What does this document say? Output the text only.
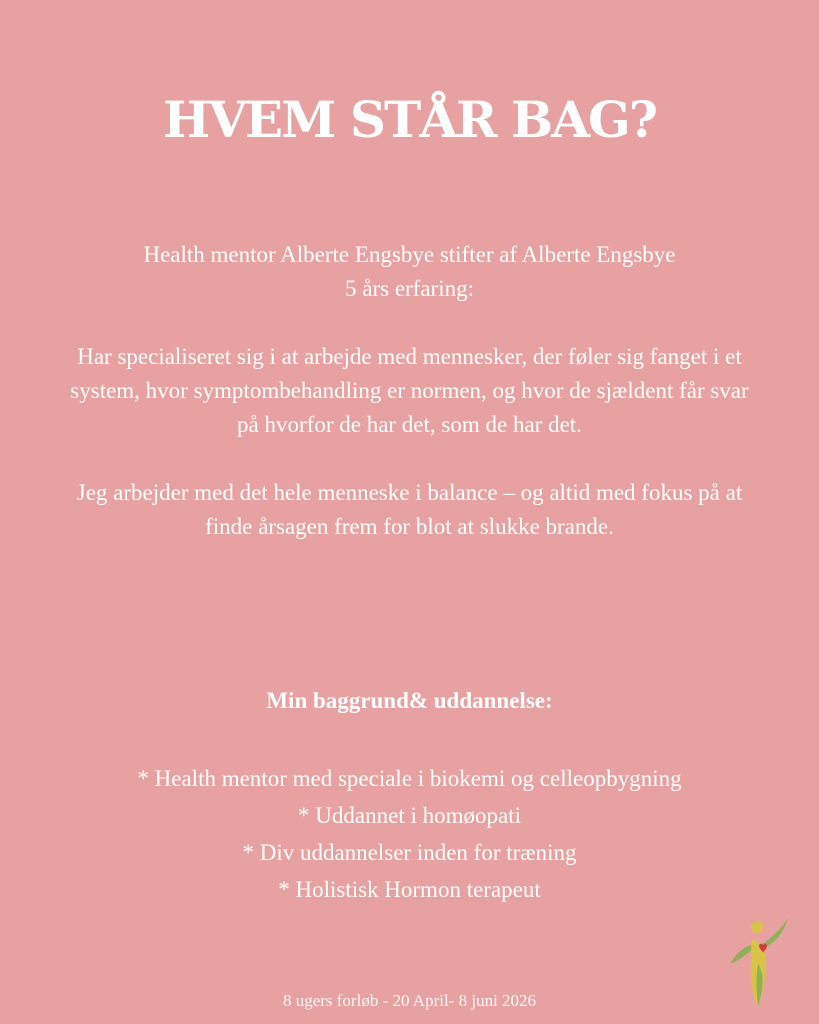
HVEM STÅR BAG?

Health mentor Alberte Engsbye stifter af Alberte Engsbye

5 års erfaring:

Har specialiseret sig i at arbejde med mennesker, der føler sig fanget i et system, hvor symptombehandling er normen, og hvor de sjældent får svar på hvorfor de har det, som de har det.

Jeg arbejder med det hele menneske i balance – og altid med fokus på at finde årsagen frem for blot at slukke brande.

Min baggrund& uddannelse:
* Health mentor med speciale i biokemi og celleopbygning
* Uddannet i homøopati
* Div uddannelser inden for træning
* Holistisk Hormon terapeut
8 ugers forløb - 20 April- 8 juni 2026
